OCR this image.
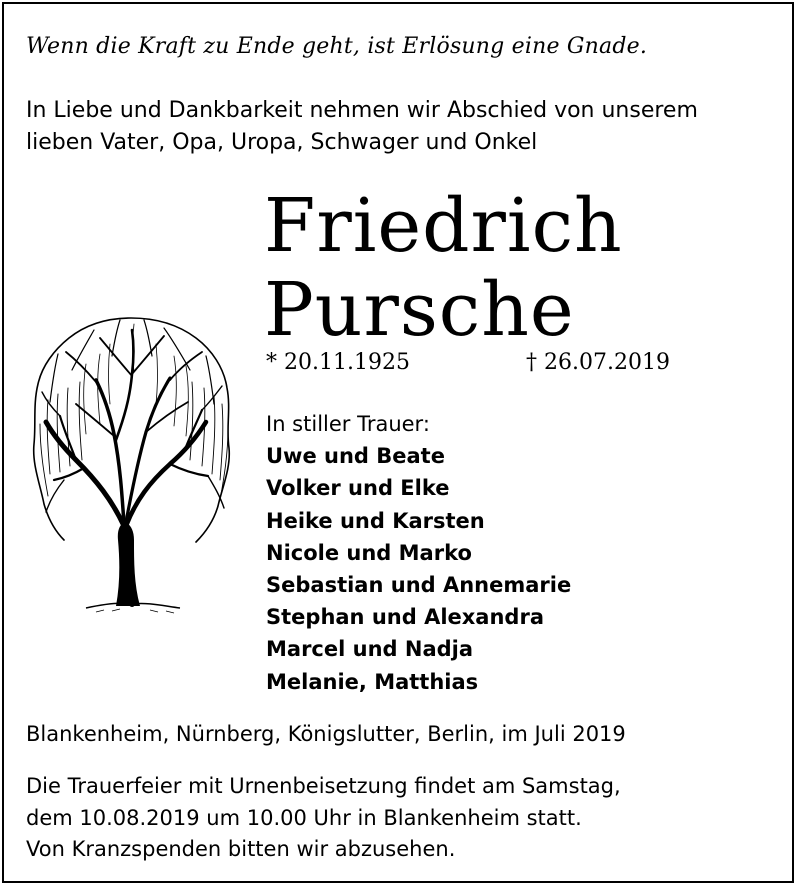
Wenn die Kraft zu Ende geht, ist Erlösung eine Gnade.
In Liebe und Dankbarkeit nehmen wir Abschied von unserem
lieben Vater, Opa, Uropa, Schwager und Onkel
Friedrich
Pursche
* 20.11.1925	† 26.07.2019
In stiller Trauer:
Uwe und Beate
Volker und Elke
Heike und Karsten
Nicole und Marko
Sebastian und Annemarie
Stephan und Alexandra
Marcel und Nadja
Melanie, Matthias
Blankenheim, Nürnberg, Königslutter, Berlin, im Juli 2019
Die Trauerfeier mit Urnenbeisetzung findet am Samstag,
dem 10.08.2019 um 10.00 Uhr in Blankenheim statt.
Von Kranzspenden bitten wir abzusehen.
